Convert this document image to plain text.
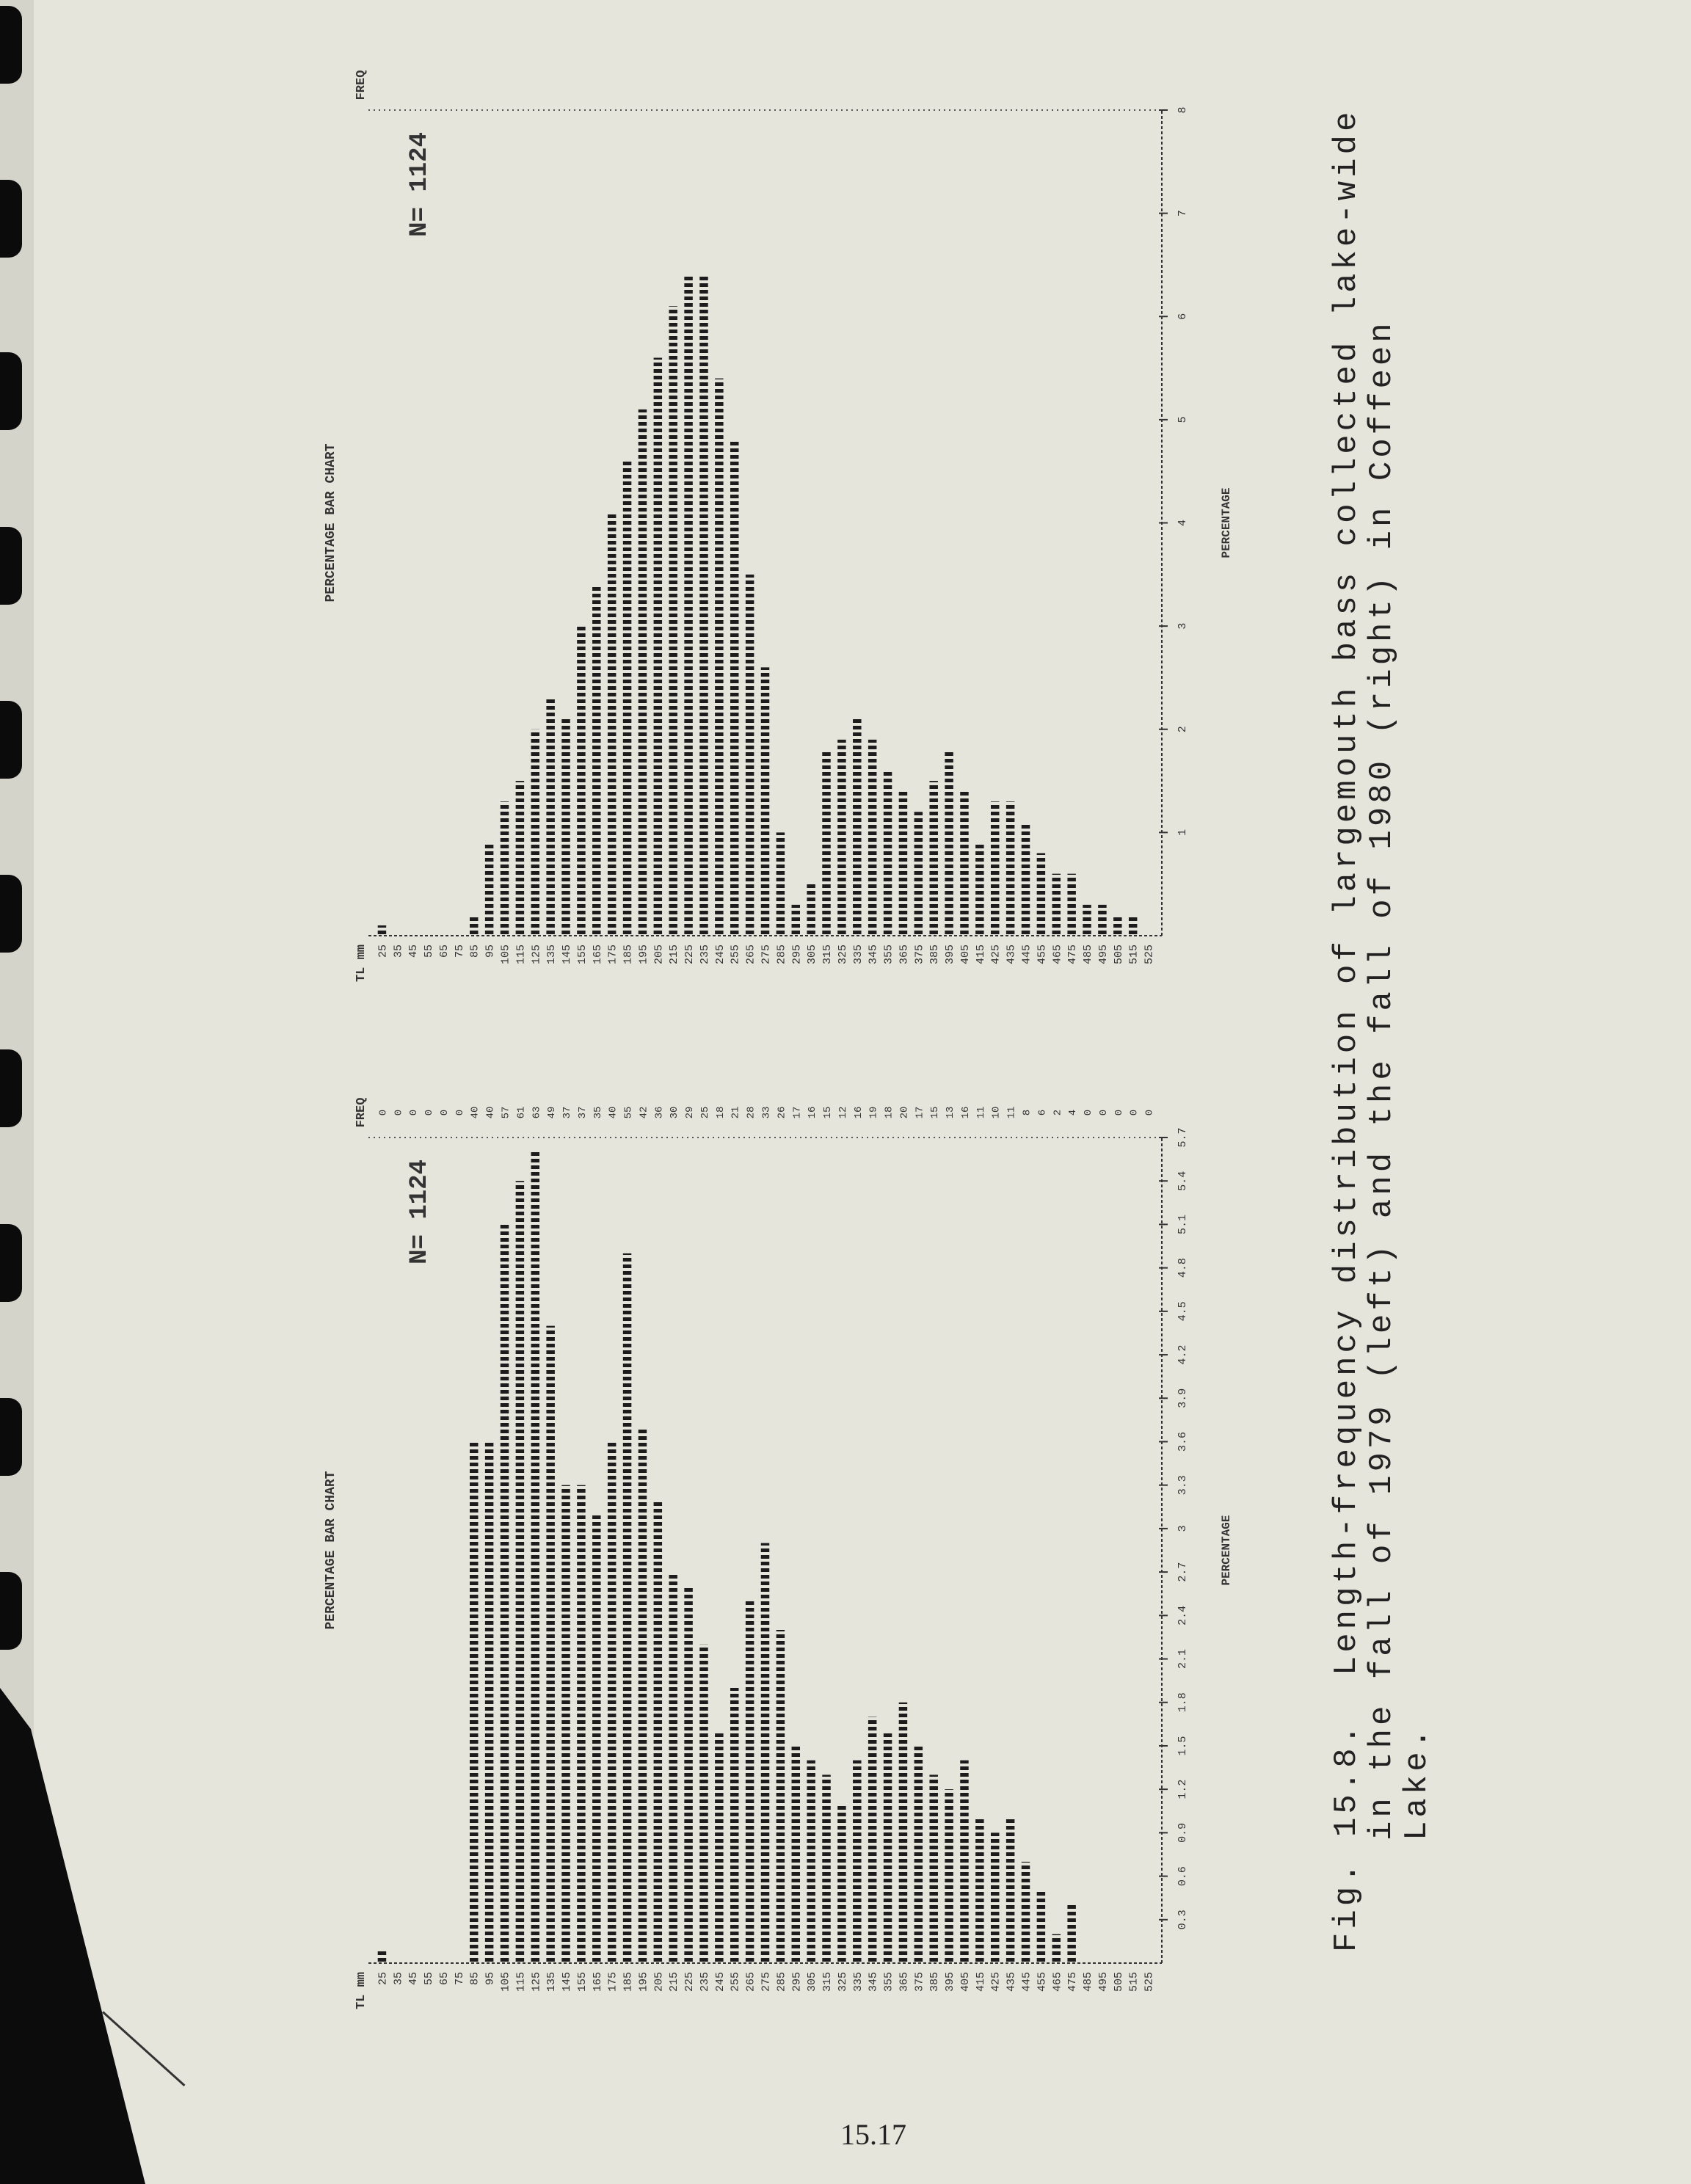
PERCENTAGE BAR CHART
TL mm
FREQ
25
0
35
0
45
0
55
0
65
0
75
0
85
40
95
40
105
57
115
61
125
63
135
49
145
37
155
37
165
35
175
40
185
55
195
42
205
36
215
30
225
29
235
25
245
18
255
21
265
28
275
33
285
26
295
17
305
16
315
15
325
12
335
16
345
19
355
18
365
20
375
17
385
15
395
13
405
16
415
11
425
10
435
11
445
8
455
6
465
2
475
4
485
0
495
0
505
0
515
0
525
0
0.3
0.6
0.9
1.2
1.5
1.8
2.1
2.4
2.7
3
3.3
3.6
3.9
4.2
4.5
4.8
5.1
5.4
5.7
PERCENTAGE
N= 1124
PERCENTAGE BAR CHART
TL mm
FREQ
25 35 45 55 65 75 85 95 105 115 125 135 145 155 165 175 185 195 205 215 225 235 245 255 265 275 285 295 305 315 325 335 345 355 365 375 385 395 405 415 425 435 445 455 465 475 485 495 505 515 525
1
2
3
4
5
6
7
8
PERCENTAGE
N= 1124	Fig. 15.8.  Length-frequency distribution of largemouth bass collected lake-wide
in the fall of 1979 (left) and the fall of 1980 (right) in Coffeen
Lake.
15.17
